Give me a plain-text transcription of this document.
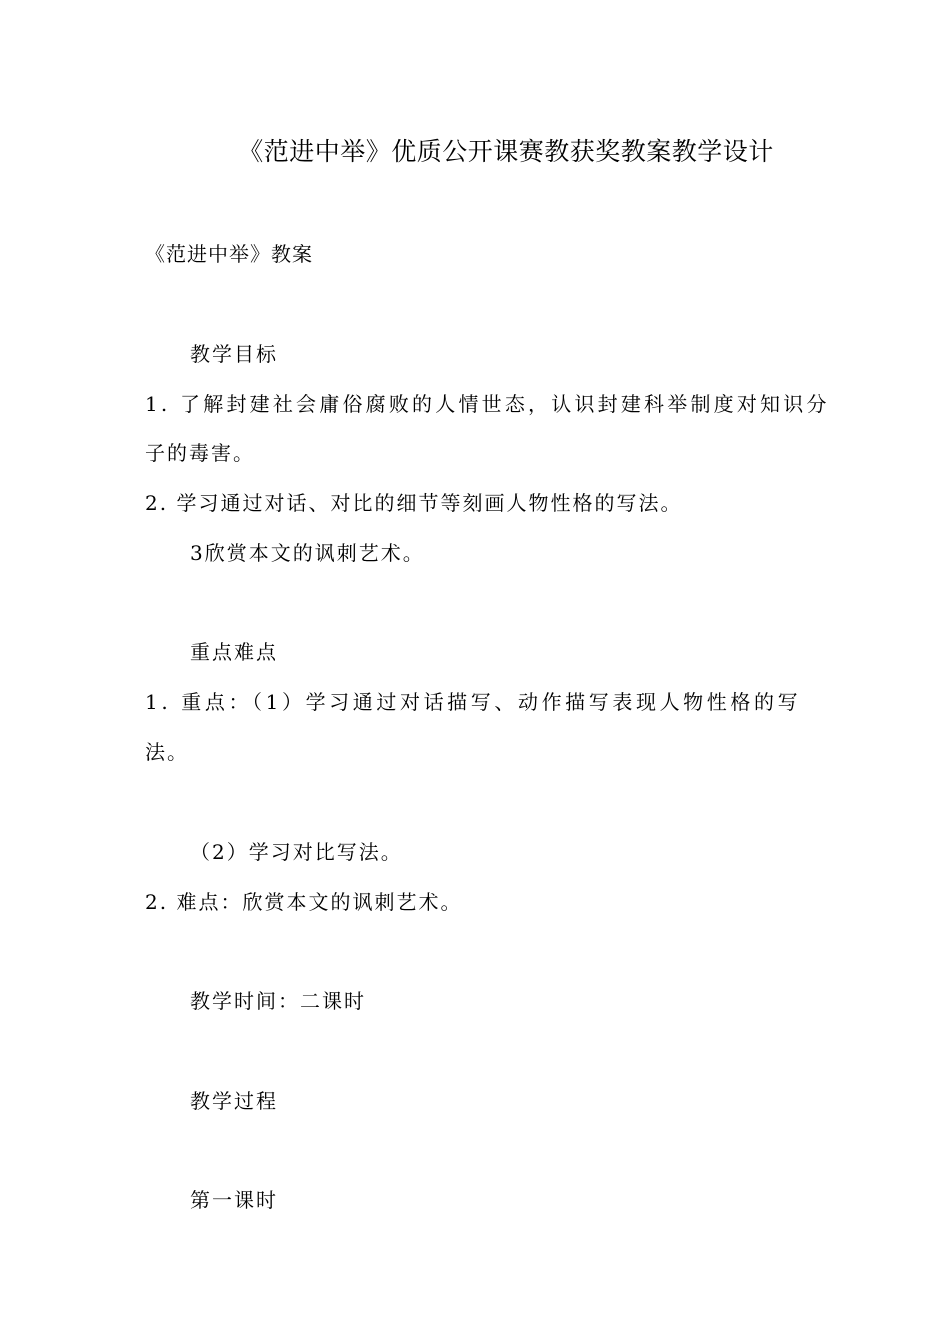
《范进中举》优质公开课赛教获奖教案教学设计
《范进中举》教案
教学目标
1. 了解封建社会庸俗腐败的人情世态，认识封建科举制度对知识分
子的毒害。
2. 学习通过对话、对比的细节等刻画人物性格的写法。
3欣赏本文的讽刺艺术。
重点难点
1. 重点：（1）学习通过对话描写、动作描写表现人物性格的写
法。
（2）学习对比写法。
2. 难点：欣赏本文的讽刺艺术。
教学时间：二课时
教学过程
第一课时
